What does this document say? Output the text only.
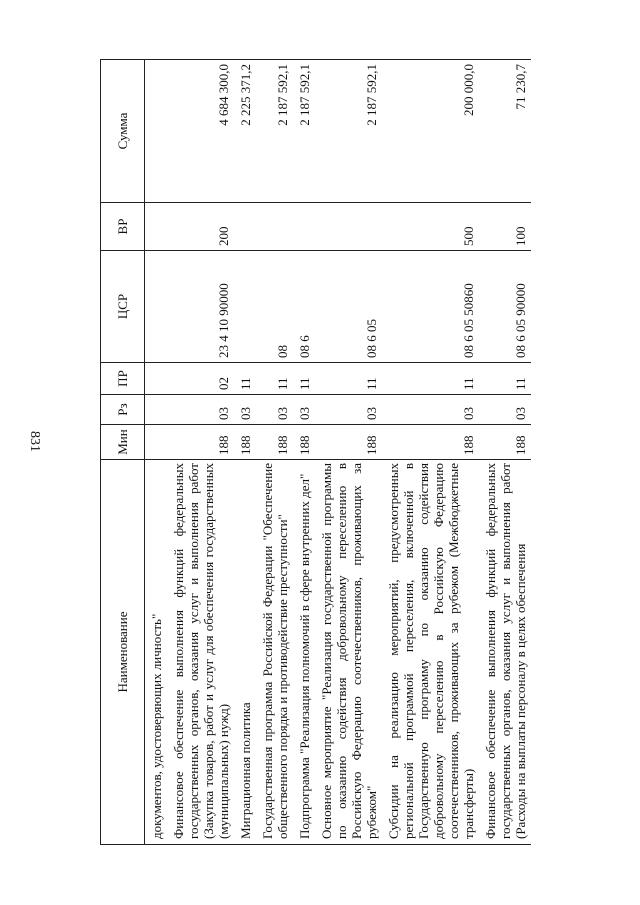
831
Наименование	Мин	Рз	ПР	ЦСР	ВР	Сумма
документов, удостоверяющих личность"						
Финансовое обеспечение выполнения функций федеральных государственных органов, оказания услуг и выполнения работ (Закупка товаров, работ и услуг для обеспечения государственных (муниципальных) нужд)	188	03	02	23 4 10 90000	200	4 684 300,0
Миграционная политика	188	03	11			2 225 371,2
Государственная программа Российской Федерации "Обеспечение общественного порядка и противодействие преступности"	188	03	11	08		2 187 592,1
Подпрограмма "Реализация полномочий в сфере внутренних дел"	188	03	11	08 6		2 187 592,1
Основное мероприятие "Реализация государственной программы по оказанию содействия добровольному переселению в Российскую Федерацию соотечественников, проживающих за рубежом"	188	03	11	08 6 05		2 187 592,1
Субсидии на реализацию мероприятий, предусмотренных региональной программой переселения, включенной в Государственную программу по оказанию содействия добровольному переселению в Российскую Федерацию соотечественников, проживающих за рубежом (Межбюджетные трансферты)	188	03	11	08 6 05 50860	500	200 000,0
Финансовое обеспечение выполнения функций федеральных государственных органов, оказания услуг и выполнения работ (Расходы на выплаты персоналу в целях обеспечения	188	03	11	08 6 05 90000	100	71 230,7
